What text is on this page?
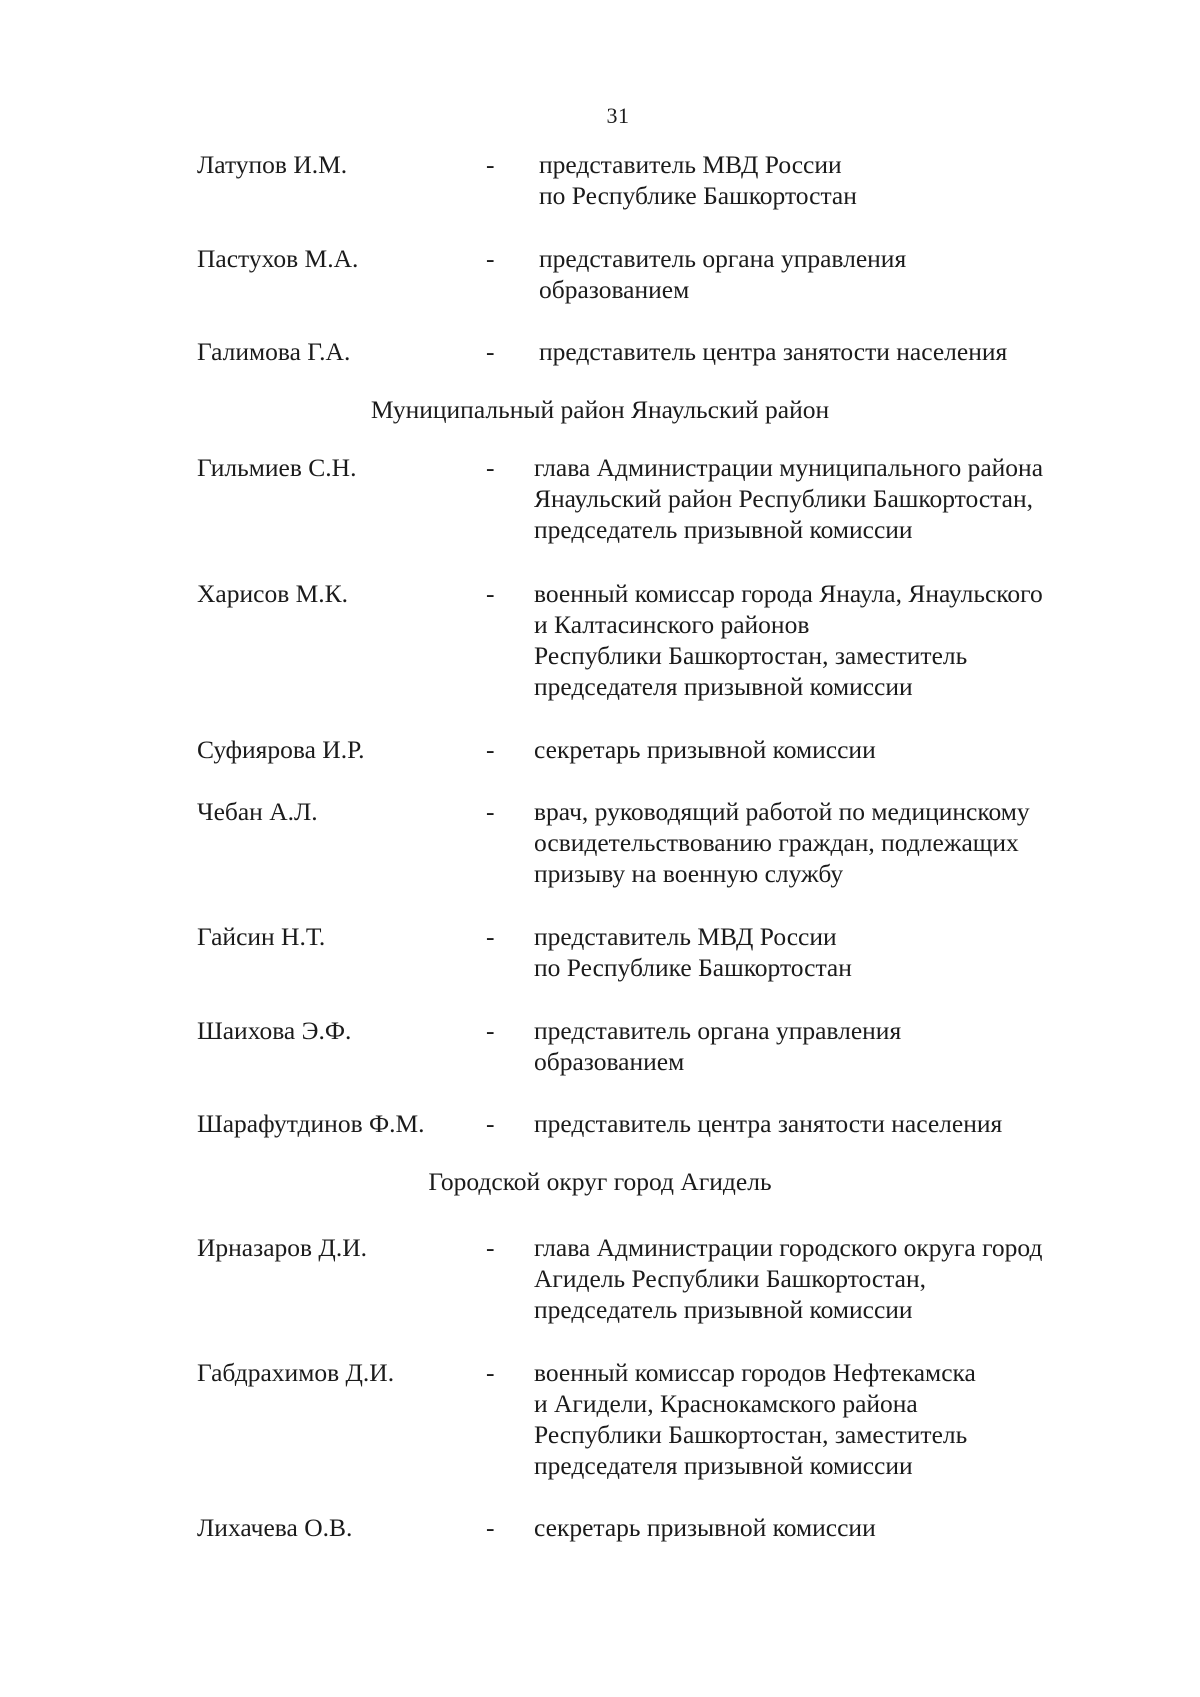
31
Латупов И.М.	- представитель МВД России
по Республике Башкортостан
Пастухов М.А.	- представитель органа управления
образованием
Галимова Г.А.	- представитель центра занятости населения
Муниципальный район Янаульский район
Гильмиев С.Н.	- глава Администрации муниципального района
Янаульский район Республики Башкортостан,
председатель призывной комиссии
Харисов М.К.	- военный комиссар города Янаула, Янаульского
и Калтасинского районов
Республики Башкортостан, заместитель
председателя призывной комиссии
Суфиярова И.Р.	- секретарь призывной комиссии
Чебан А.Л.	- врач, руководящий работой по медицинскому
освидетельствованию граждан, подлежащих
призыву на военную службу
Гайсин Н.Т.	- представитель МВД России
по Республике Башкортостан
Шаихова Э.Ф.	- представитель органа управления
образованием
Шарафутдинов Ф.М. - представитель центра занятости населения
Городской округ город Агидель
Ирназаров Д.И.	- глава Администрации городского округа город
Агидель Республики Башкортостан,
председатель призывной комиссии
Габдрахимов Д.И.	- военный комиссар городов Нефтекамска
и Агидели, Краснокамского района
Республики Башкортостан, заместитель
председателя призывной комиссии
Лихачева О.В.	- секретарь призывной комиссии
